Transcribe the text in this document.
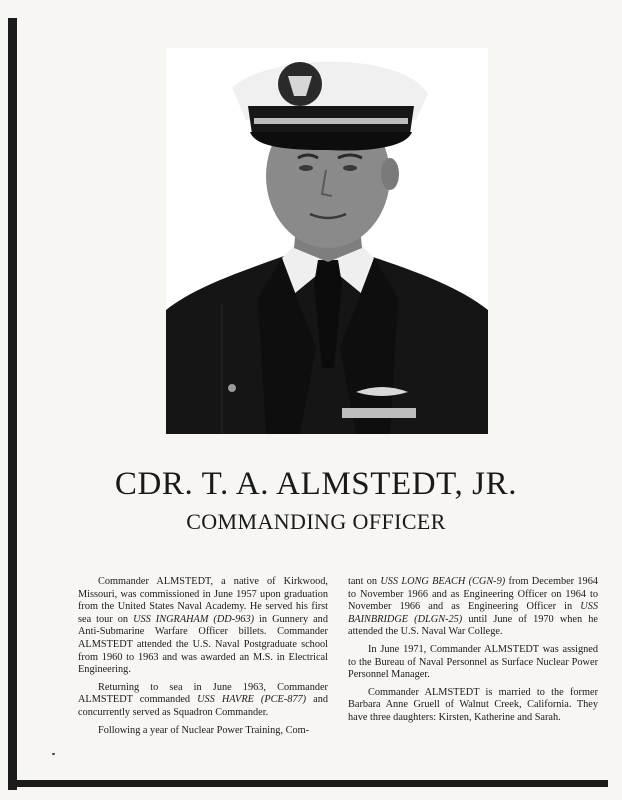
CDR. T. A. ALMSTEDT, JR.
COMMANDING OFFICER

Commander ALMSTEDT, a native of Kirkwood, Missouri, was commissioned in June 1957 upon graduation from the United States Naval Academy. He served his first sea tour on USS INGRAHAM (DD-963) in Gunnery and Anti-Submarine Warfare Officer billets. Commander ALMSTEDT attended the U.S. Naval Postgraduate school from 1960 to 1963 and was awarded an M.S. in Electrical Engineering.

Returning to sea in June 1963, Commander ALMSTEDT commanded USS HAVRE (PCE-877) and concurrently served as Squadron Commander.

Following a year of Nuclear Power Training, Com-

tant on USS LONG BEACH (CGN-9) from December 1964 to November 1966 and as Engineering Officer on 1964 to November 1966 and as Engineering Officer in USS BAINBRIDGE (DLGN-25) until June of 1970 when he attended the U.S. Naval War College.

In June 1971, Commander ALMSTEDT was assigned to the Bureau of Naval Personnel as Surface Nuclear Power Personnel Manager.

Commander ALMSTEDT is married to the former Barbara Anne Gruell of Walnut Creek, California. They have three daughters: Kirsten, Katherine and Sarah.
